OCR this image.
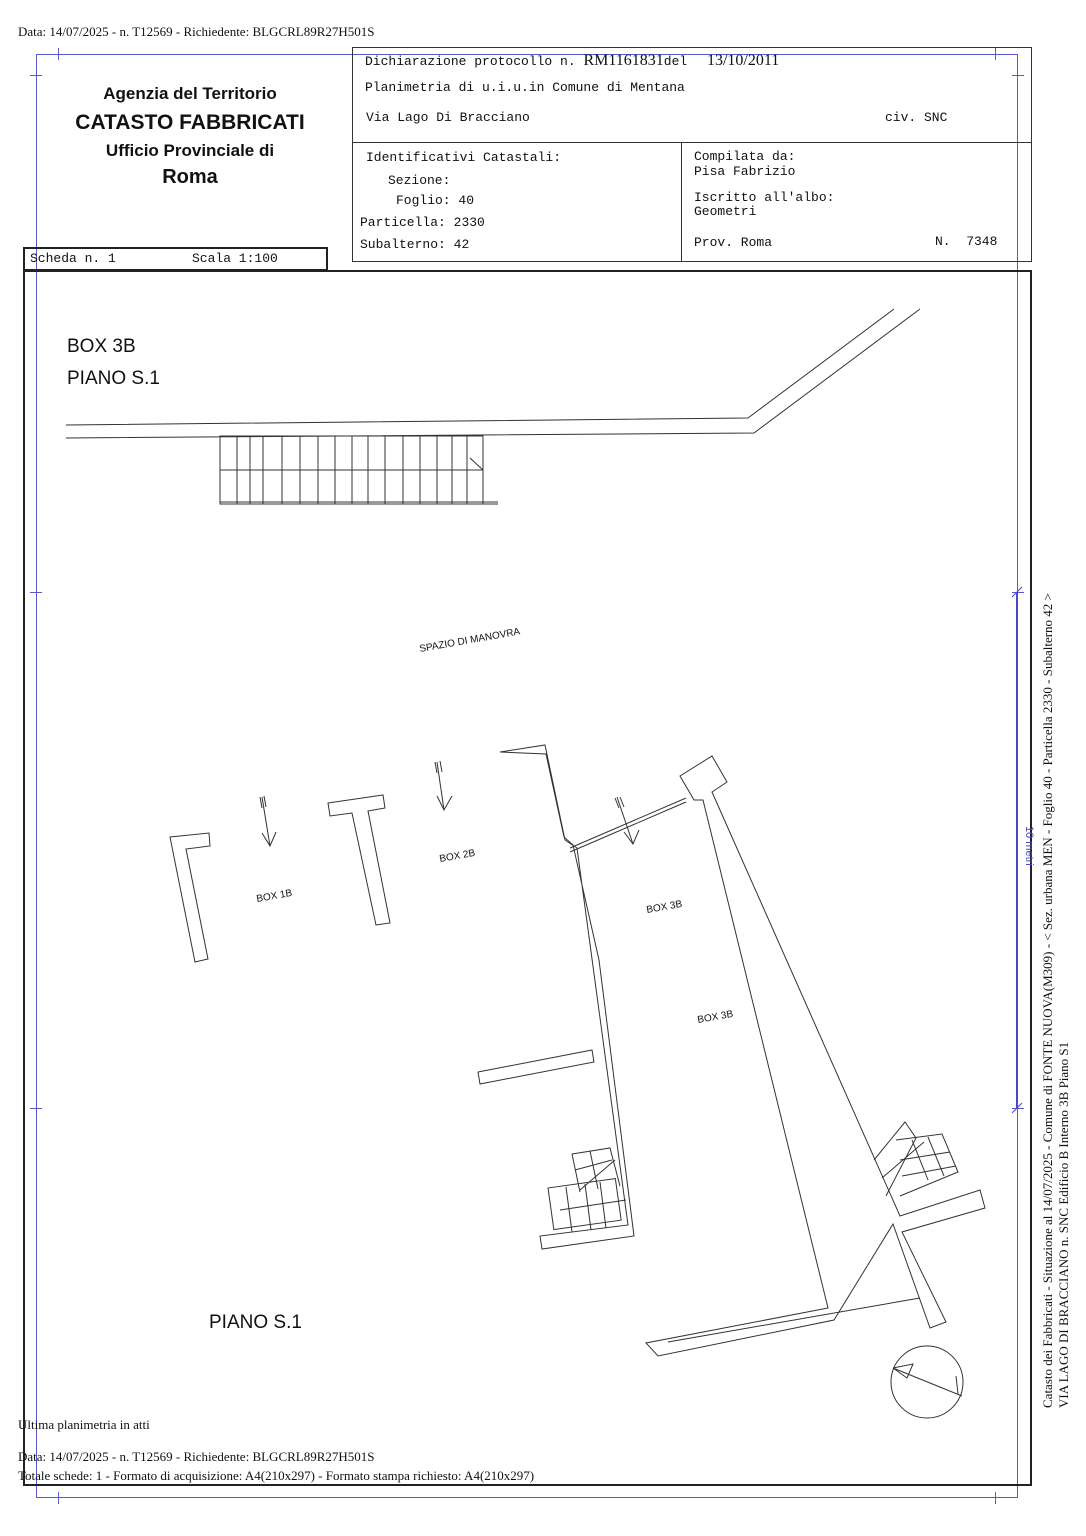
Data: 14/07/2025 - n. T12569 - Richiedente: BLGCRL89R27H501S
Agenzia del Territorio
CATASTO FABBRICATI
Ufficio Provinciale di
Roma
Dichiarazione protocollo n. RM1161831del 13/10/2011
Planimetria di u.i.u.in Comune di Mentana
Via Lago Di Bracciano	civ. SNC
Identificativi Catastali:
Sezione:
Foglio: 40
Particella: 2330
Subalterno: 42
Compilata da:
Pisa Fabrizio
Iscritto all'albo:
Geometri
Prov. Roma	N.  7348
Scheda n. 1	Scala 1:100
BOX 3B
PIANO S.1
SPAZIO DI MANOVRA
BOX 1B
BOX 2B
BOX 3B
BOX 3B
PIANO S.1
10 metri Catasto dei Fabbricati - Situazione al 14/07/2025 - Comune di FONTE NUOVA(M309) - < Sez. urbana MEN - Foglio 40 - Particella 2330 - Subalterno 42 > VIA LAGO DI BRACCIANO n. SNC Edificio B Interno 3B Piano S1
Ultima planimetria in atti
Data: 14/07/2025 - n. T12569 - Richiedente: BLGCRL89R27H501S
Totale schede: 1 - Formato di acquisizione: A4(210x297) - Formato stampa richiesto: A4(210x297)
